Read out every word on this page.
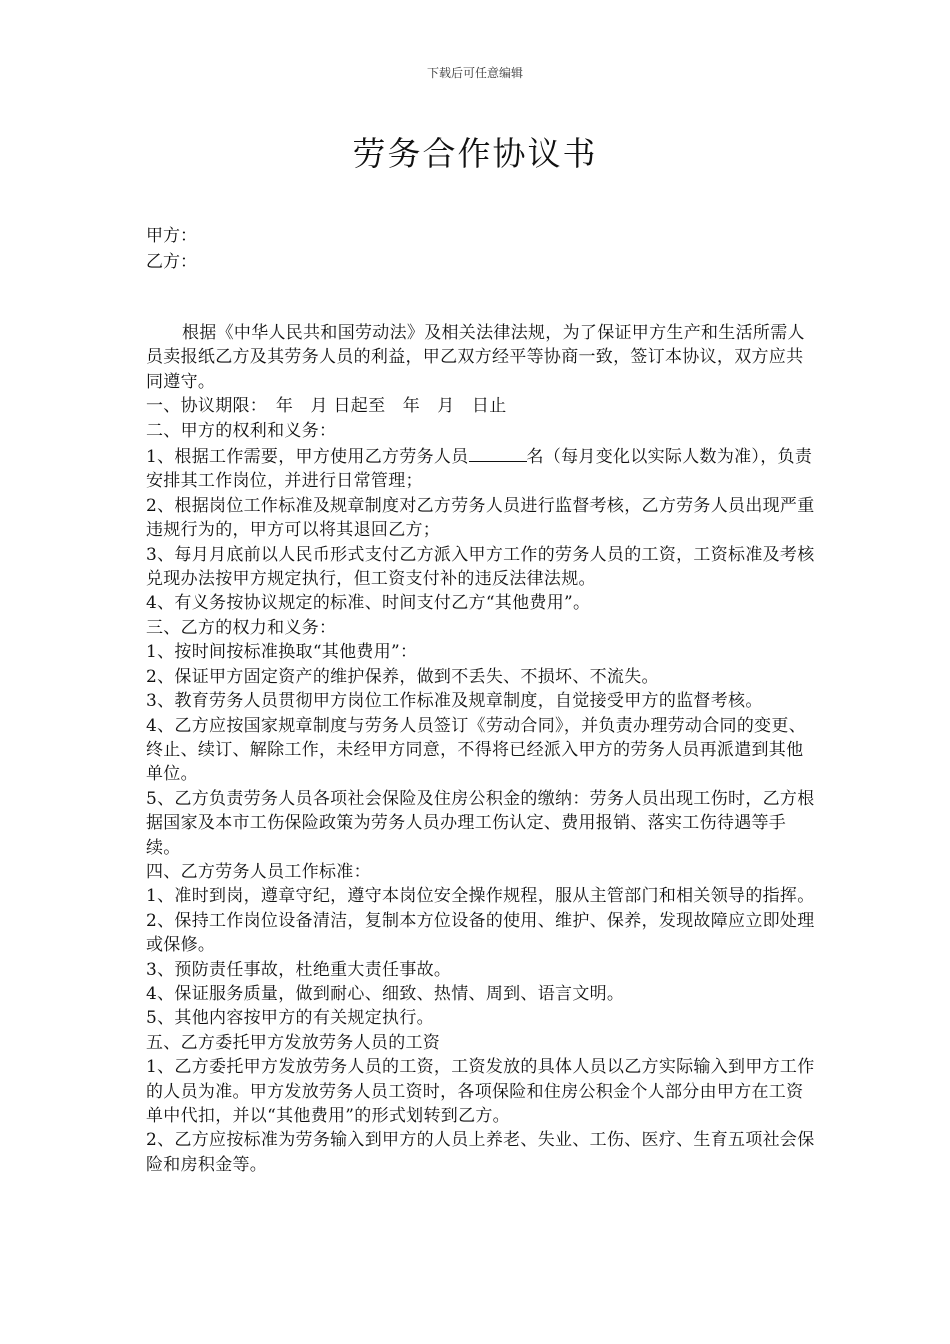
下载后可任意编辑
劳务合作协议书
甲方：
乙方：

根据《中华人民共和国劳动法》及相关法律法规，为了保证甲方生产和生活所需人员卖报纸乙方及其劳务人员的利益，甲乙双方经平等协商一致，签订本协议，双方应共同遵守。

一、协议期限：　年　月 日起至　年　月　日止

二、甲方的权利和义务：

1、根据工作需要，甲方使用乙方劳务人员	名（每月变化以实际人数为准），负责安排其工作岗位，并进行日常管理；

2、根据岗位工作标准及规章制度对乙方劳务人员进行监督考核，乙方劳务人员出现严重违规行为的，甲方可以将其退回乙方；

3、每月月底前以人民币形式支付乙方派入甲方工作的劳务人员的工资，工资标准及考核兑现办法按甲方规定执行，但工资支付补的违反法律法规。

4、有义务按协议规定的标准、时间支付乙方“其他费用”。

三、乙方的权力和义务：

1、按时间按标准换取“其他费用”：

2、保证甲方固定资产的维护保养，做到不丢失、不损坏、不流失。

3、教育劳务人员贯彻甲方岗位工作标准及规章制度，自觉接受甲方的监督考核。

4、乙方应按国家规章制度与劳务人员签订《劳动合同》，并负责办理劳动合同的变更、终止、续订、解除工作，未经甲方同意，不得将已经派入甲方的劳务人员再派遣到其他单位。

5、乙方负责劳务人员各项社会保险及住房公积金的缴纳：劳务人员出现工伤时，乙方根据国家及本市工伤保险政策为劳务人员办理工伤认定、费用报销、落实工伤待遇等手续。

四、乙方劳务人员工作标准：

1、准时到岗，遵章守纪，遵守本岗位安全操作规程，服从主管部门和相关领导的指挥。

2、保持工作岗位设备清洁，复制本方位设备的使用、维护、保养，发现故障应立即处理或保修。

3、预防责任事故，杜绝重大责任事故。

4、保证服务质量，做到耐心、细致、热情、周到、语言文明。

5、其他内容按甲方的有关规定执行。

五、乙方委托甲方发放劳务人员的工资

1、乙方委托甲方发放劳务人员的工资，工资发放的具体人员以乙方实际输入到甲方工作的人员为准。甲方发放劳务人员工资时，各项保险和住房公积金个人部分由甲方在工资单中代扣，并以“其他费用”的形式划转到乙方。

2、乙方应按标准为劳务输入到甲方的人员上养老、失业、工伤、医疗、生育五项社会保险和房积金等。
